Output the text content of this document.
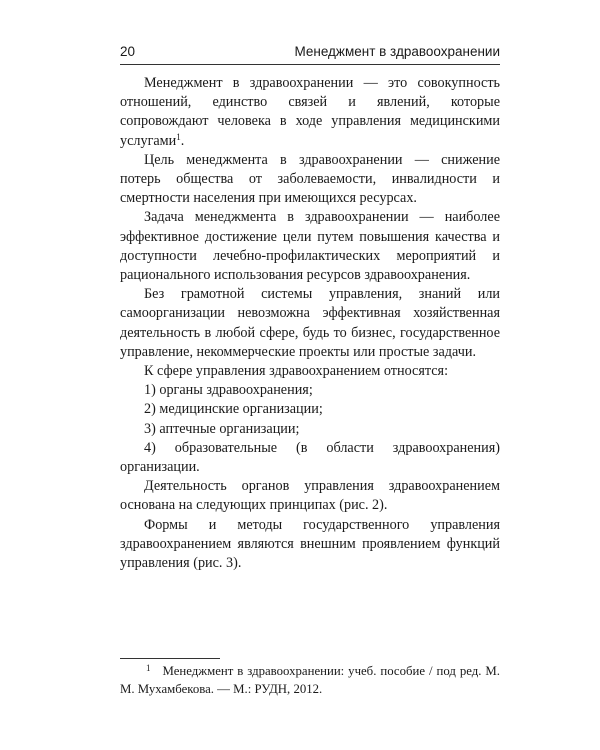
20	Менеджмент в здравоохранении

Менеджмент в здравоохранении — это совокупность отношений, единство связей и явлений, которые сопровождают человека в ходе управления медицинскими услугами$^1$.

Цель менеджмента в здравоохранении — снижение потерь общества от заболеваемости, инвалидности и смертности населения при имеющихся ресурсах.

Задача менеджмента в здравоохранении — наиболее эффективное достижение цели путем повышения качества и доступности лечебно-профилактических мероприятий и рационального использования ресурсов здравоохранения.

Без грамотной системы управления, знаний или самоорганизации невозможна эффективная хозяйственная деятельность в любой сфере, будь то бизнес, государственное управление, некоммерческие проекты или простые задачи.

К сфере управления здравоохранением относятся:

1) органы здравоохранения;

2) медицинские организации;

3) аптечные организации;

4) образовательные (в области здравоохранения) организации.

Деятельность органов управления здравоохранением основана на следующих принципах (рис. 2).

Формы и методы государственного управления здравоохранением являются внешним проявлением функций управления (рис. 3).

$^1$ Менеджмент в здравоохранении: учеб. пособие / под ред. М. М. Мухамбекова. — М.: РУДН, 2012.
